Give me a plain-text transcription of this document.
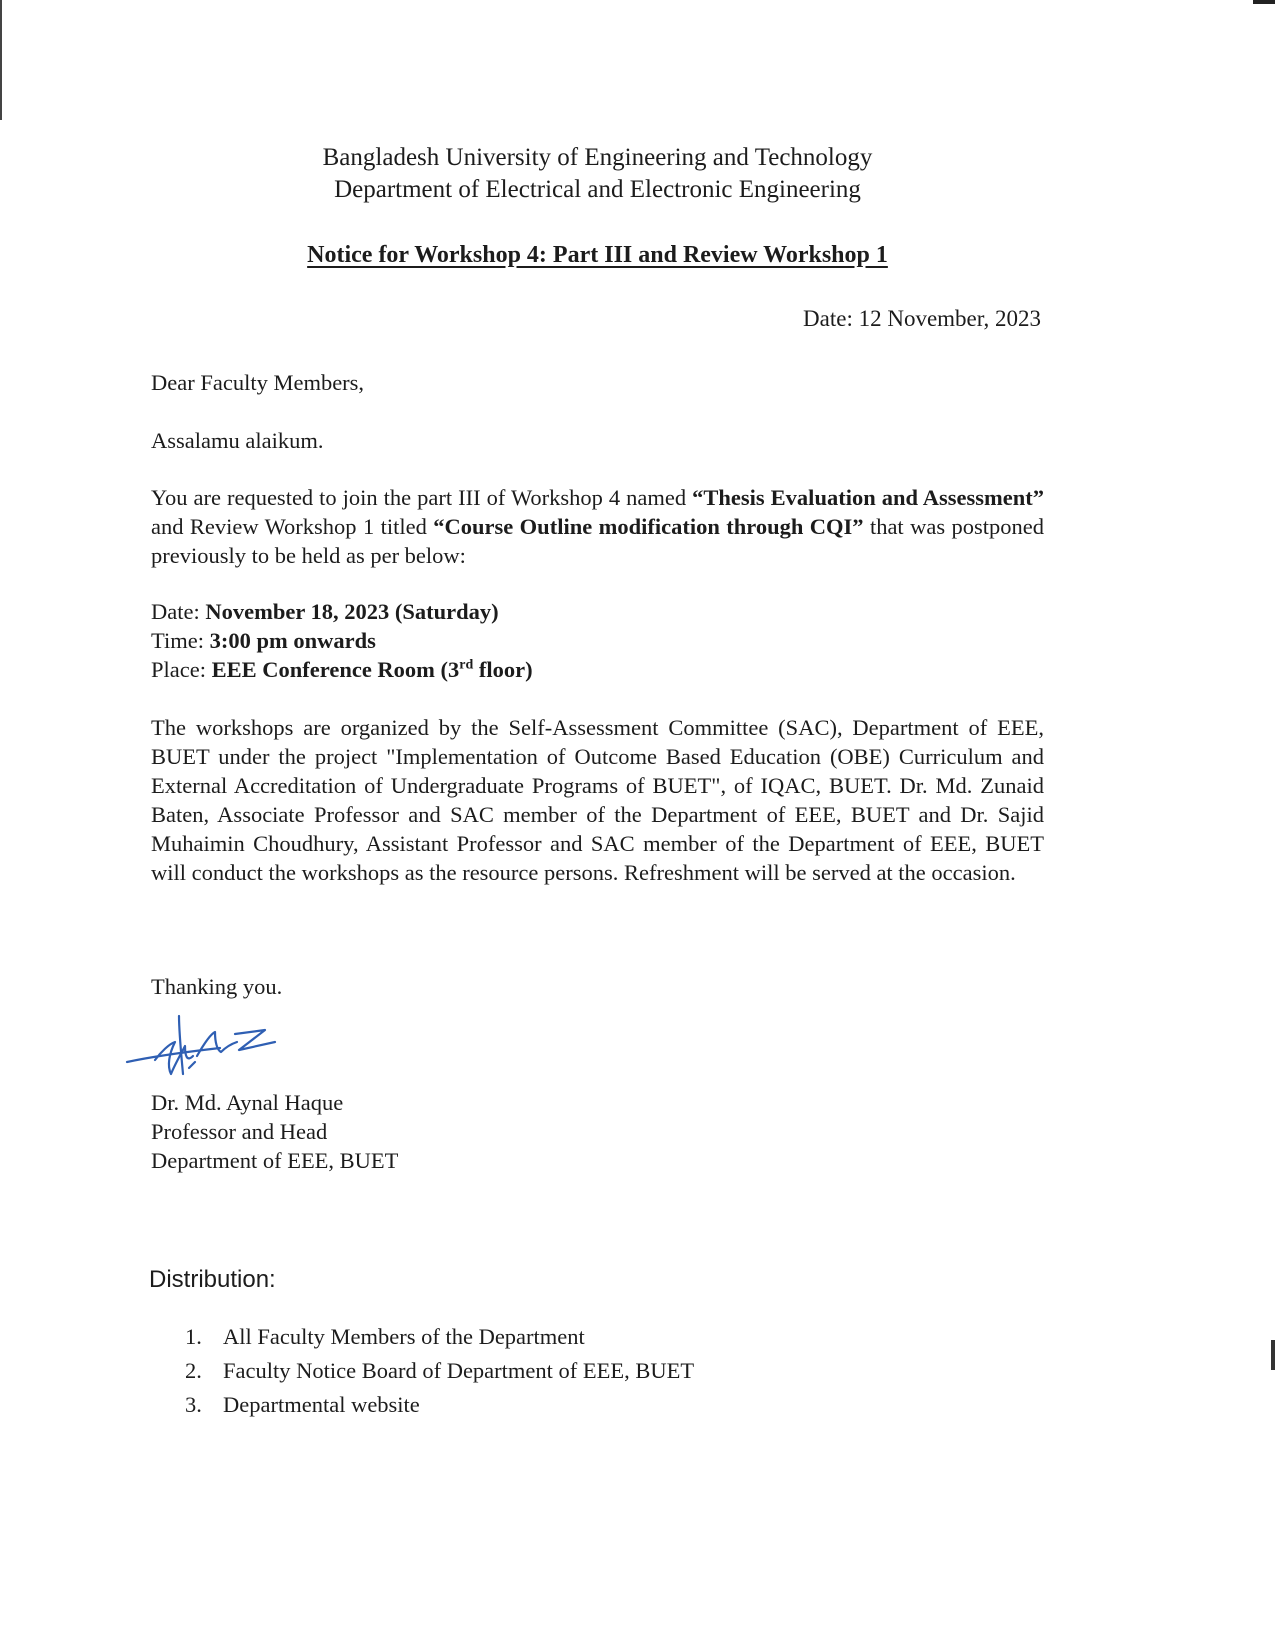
Bangladesh University of Engineering and Technology
Department of Electrical and Electronic Engineering
Notice for Workshop 4: Part III and Review Workshop 1
Date: 12 November, 2023
Dear Faculty Members,
Assalamu alaikum.
You are requested to join the part III of Workshop 4 named “Thesis Evaluation and Assessment” and Review Workshop 1 titled “Course Outline modification through CQI” that was postponed previously to be held as per below:
Date: November 18, 2023 (Saturday)
Time: 3:00 pm onwards
Place: EEE Conference Room (3rd floor)
The workshops are organized by the Self-Assessment Committee (SAC), Department of EEE, BUET under the project "Implementation of Outcome Based Education (OBE) Curriculum and External Accreditation of Undergraduate Programs of BUET", of IQAC, BUET. Dr. Md. Zunaid Baten, Associate Professor and SAC member of the Department of EEE, BUET and Dr. Sajid Muhaimin Choudhury, Assistant Professor and SAC member of the Department of EEE, BUET will conduct the workshops as the resource persons. Refreshment will be served at the occasion.
Thanking you.
Dr. Md. Aynal Haque
Professor and Head
Department of EEE, BUET
Distribution:
1. All Faculty Members of the Department
2. Faculty Notice Board of Department of EEE, BUET
3. Departmental website
